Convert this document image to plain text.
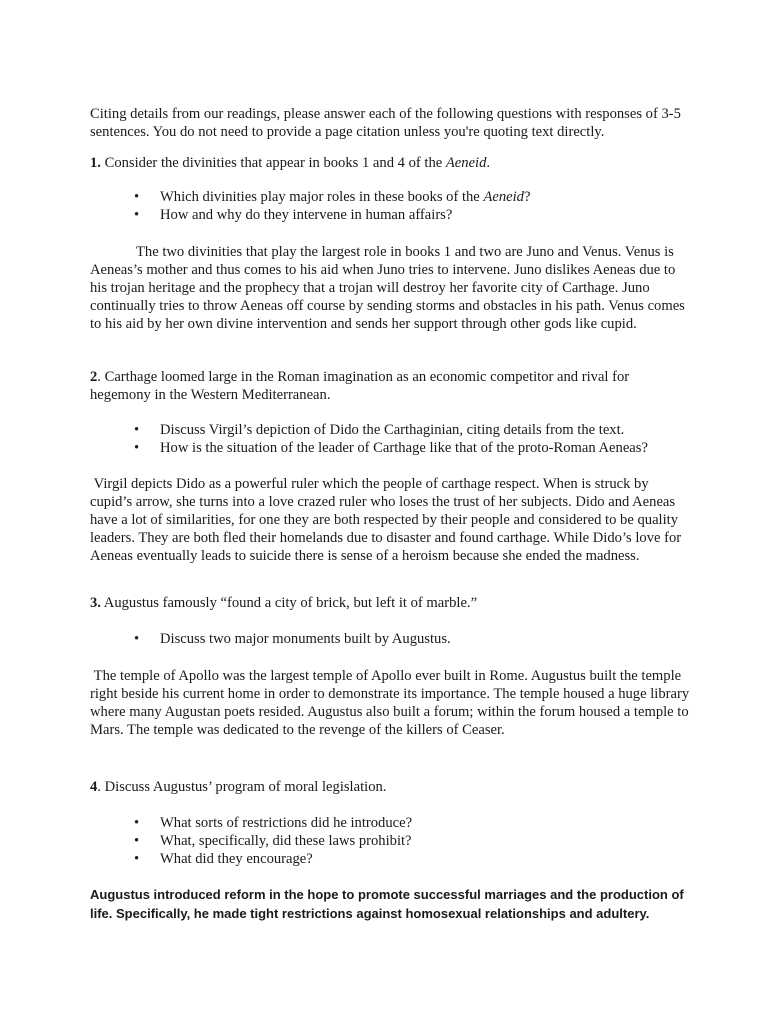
Citing details from our readings, please answer each of the following questions with responses of 3-5 sentences. You do not need to provide a page citation unless you're quoting text directly.

1. Consider the divinities that appear in books 1 and 4 of the Aeneid.

• Which divinities play major roles in these books of the Aeneid?
• How and why do they intervene in human affairs?

The two divinities that play the largest role in books 1 and two are Juno and Venus. Venus is Aeneas’s mother and thus comes to his aid when Juno tries to intervene. Juno dislikes Aeneas due to his trojan heritage and the prophecy that a trojan will destroy her favorite city of Carthage. Juno continually tries to throw Aeneas off course by sending storms and obstacles in his path. Venus comes to his aid by her own divine intervention and sends her support through other gods like cupid.

2. Carthage loomed large in the Roman imagination as an economic competitor and rival for hegemony in the Western Mediterranean.

• Discuss Virgil’s depiction of Dido the Carthaginian, citing details from the text.
• How is the situation of the leader of Carthage like that of the proto-Roman Aeneas?

Virgil depicts Dido as a powerful ruler which the people of carthage respect. When is struck by cupid’s arrow, she turns into a love crazed ruler who loses the trust of her subjects. Dido and Aeneas have a lot of similarities, for one they are both respected by their people and considered to be quality leaders. They are both fled their homelands due to disaster and found carthage. While Dido’s love for Aeneas eventually leads to suicide there is sense of a heroism because she ended the madness.

3. Augustus famously “found a city of brick, but left it of marble.”

• Discuss two major monuments built by Augustus.

The temple of Apollo was the largest temple of Apollo ever built in Rome. Augustus built the temple right beside his current home in order to demonstrate its importance. The temple housed a huge library where many Augustan poets resided. Augustus also built a forum; within the forum housed a temple to Mars. The temple was dedicated to the revenge of the killers of Ceaser.

4. Discuss Augustus’ program of moral legislation.

• What sorts of restrictions did he introduce?
• What, specifically, did these laws prohibit?
• What did they encourage?

Augustus introduced reform in the hope to promote successful marriages and the production of life. Specifically, he made tight restrictions against homosexual relationships and adultery.
